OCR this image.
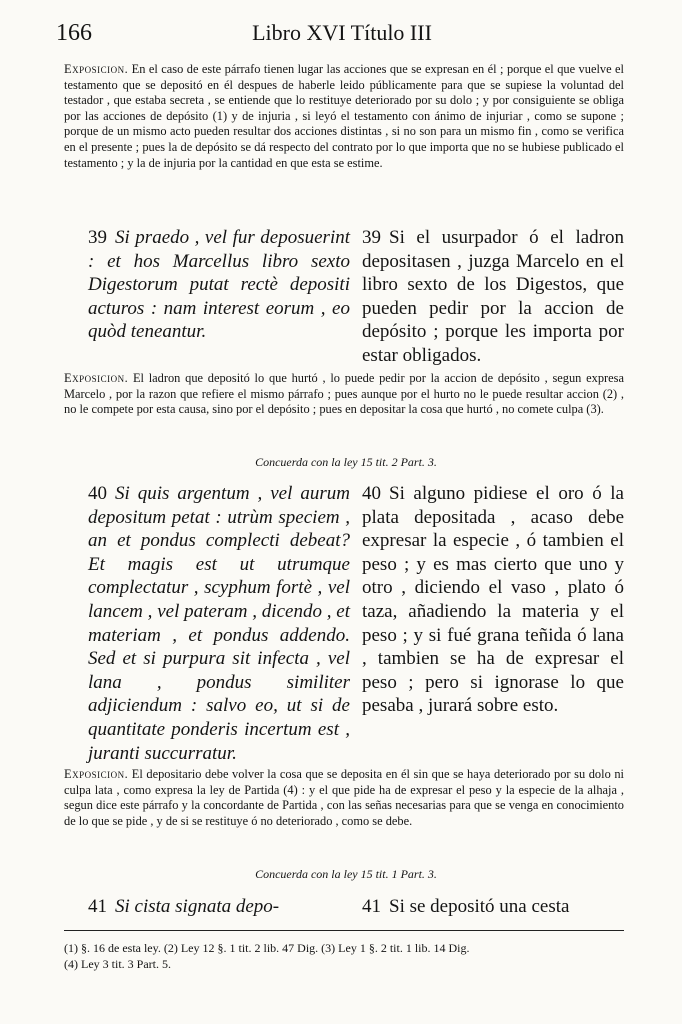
166	Libro XVI Título III
Exposicion. En el caso de este párrafo tienen lugar las acciones que se expresan en él ; porque el que vuelve el testamento que se depositó en él despues de haberle leido públicamente para que se supiese la voluntad del testador , que estaba secreta , se entiende que lo restituye deteriorado por su dolo ; y por consiguiente se obliga por las acciones de depósito (1) y de injuria , si leyó el testamento con ánimo de injuriar , como se supone ; porque de un mismo acto pueden resultar dos acciones distintas , si no son para un mismo fin , como se verifica en el presente ; pues la de depósito se dá respecto del contrato por lo que importa que no se hubiese publicado el testamento ; y la de injuria por la cantidad en que esta se estime.
39 Si praedo , vel fur deposuerint : et hos Marcellus libro sexto Digestorum putat rectè depositi acturos : nam interest eorum , eo quòd teneantur.
39 Si el usurpador ó el ladron depositasen , juzga Marcelo en el libro sexto de los Digestos, que pueden pedir por la accion de depósito ; porque les importa por estar obligados.
Exposicion. El ladron que depositó lo que hurtó , lo puede pedir por la accion de depósito , segun expresa Marcelo , por la razon que refiere el mismo párrafo ; pues aunque por el hurto no le puede resultar accion (2) , no le compete por esta causa, sino por el depósito ; pues en depositar la cosa que hurtó , no comete culpa (3).
Concuerda con la ley 15 tit. 2 Part. 3.
40 Si quis argentum , vel aurum depositum petat : utrùm speciem , an et pondus complecti debeat? Et magis est ut utrumque complectatur , scyphum fortè , vel lancem , vel pateram , dicendo , et materiam , et pondus addendo. Sed et si purpura sit infecta , vel lana , pondus similiter adjiciendum : salvo eo, ut si de quantitate ponderis incertum est , juranti succurratur.
40 Si alguno pidiese el oro ó la plata depositada , acaso debe expresar la especie , ó tambien el peso ; y es mas cierto que uno y otro , diciendo el vaso , plato ó taza, añadiendo la materia y el peso ; y si fué grana teñida ó lana , tambien se ha de expresar el peso ; pero si ignorase lo que pesaba , jurará sobre esto.
Exposicion. El depositario debe volver la cosa que se deposita en él sin que se haya deteriorado por su dolo ni culpa lata , como expresa la ley de Partida (4) : y el que pide ha de expresar el peso y la especie de la alhaja , segun dice este párrafo y la concordante de Partida , con las señas necesarias para que se venga en conocimiento de lo que se pide , y de si se restituye ó no deteriorado , como se debe.
Concuerda con la ley 15 tit. 1 Part. 3.
41 Si cista signata depo-	41 Si se depositó una cesta
(1) §. 16 de esta ley. (2) Ley 12 §. 1 tit. 2 lib. 47 Dig. (3) Ley 1 §. 2 tit. 1 lib. 14 Dig.
(4) Ley 3 tit. 3 Part. 5.
